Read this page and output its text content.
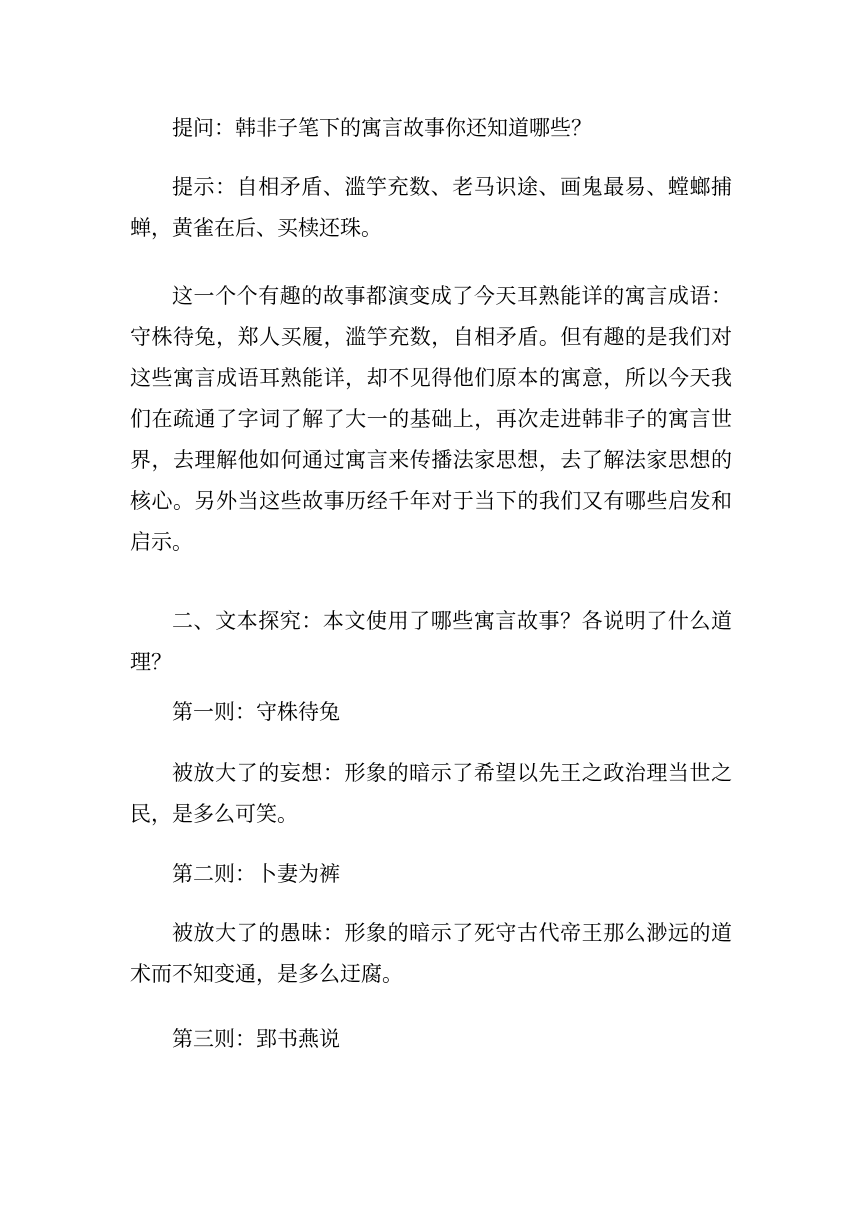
提问：韩非子笔下的寓言故事你还知道哪些？

提示：自相矛盾、滥竽充数、老马识途、画鬼最易、螳螂捕蝉，黄雀在后、买椟还珠。

这一个个有趣的故事都演变成了今天耳熟能详的寓言成语：守株待兔，郑人买履，滥竽充数，自相矛盾。但有趣的是我们对这些寓言成语耳熟能详，却不见得他们原本的寓意，所以今天我们在疏通了字词了解了大一的基础上，再次走进韩非子的寓言世界，去理解他如何通过寓言来传播法家思想，去了解法家思想的核心。另外当这些故事历经千年对于当下的我们又有哪些启发和启示。

二、文本探究：本文使用了哪些寓言故事？各说明了什么道理？

第一则：守株待兔

被放大了的妄想：形象的暗示了希望以先王之政治理当世之民，是多么可笑。

第二则：卜妻为裤

被放大了的愚昧：形象的暗示了死守古代帝王那么渺远的道术而不知变通，是多么迂腐。

第三则：郢书燕说
